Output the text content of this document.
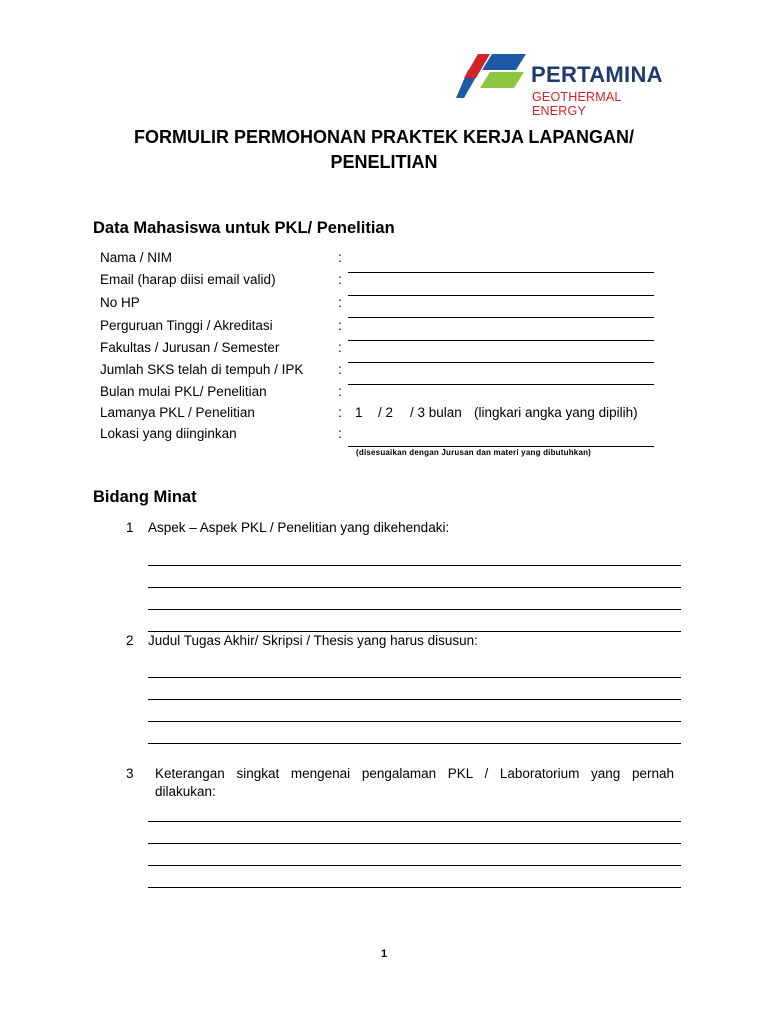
PERTAMINA
GEOTHERMAL ENERGY
FORMULIR PERMOHONAN PRAKTEK KERJA LAPANGAN/
PENELITIAN
Data Mahasiswa untuk PKL/ Penelitian
Nama / NIM	:
Email (harap diisi email valid)	:
No HP	:
Perguruan Tinggi / Akreditasi	:
Fakultas / Jurusan / Semester	:
Jumlah SKS telah di tempuh / IPK	:
Bulan mulai PKL/ Penelitian	:
Lamanya PKL / Penelitian	: 1 / 2 / 3 bulan (lingkari angka yang dipilih)
Lokasi yang diinginkan	:
(disesuaikan dengan Jurusan dan materi yang dibutuhkan)
Bidang Minat
1 Aspek – Aspek PKL / Penelitian yang dikehendaki:
2 Judul Tugas Akhir/ Skripsi / Thesis yang harus disusun:
3 Keterangan singkat mengenai pengalaman PKL / Laboratorium yang pernah dilakukan:
1
